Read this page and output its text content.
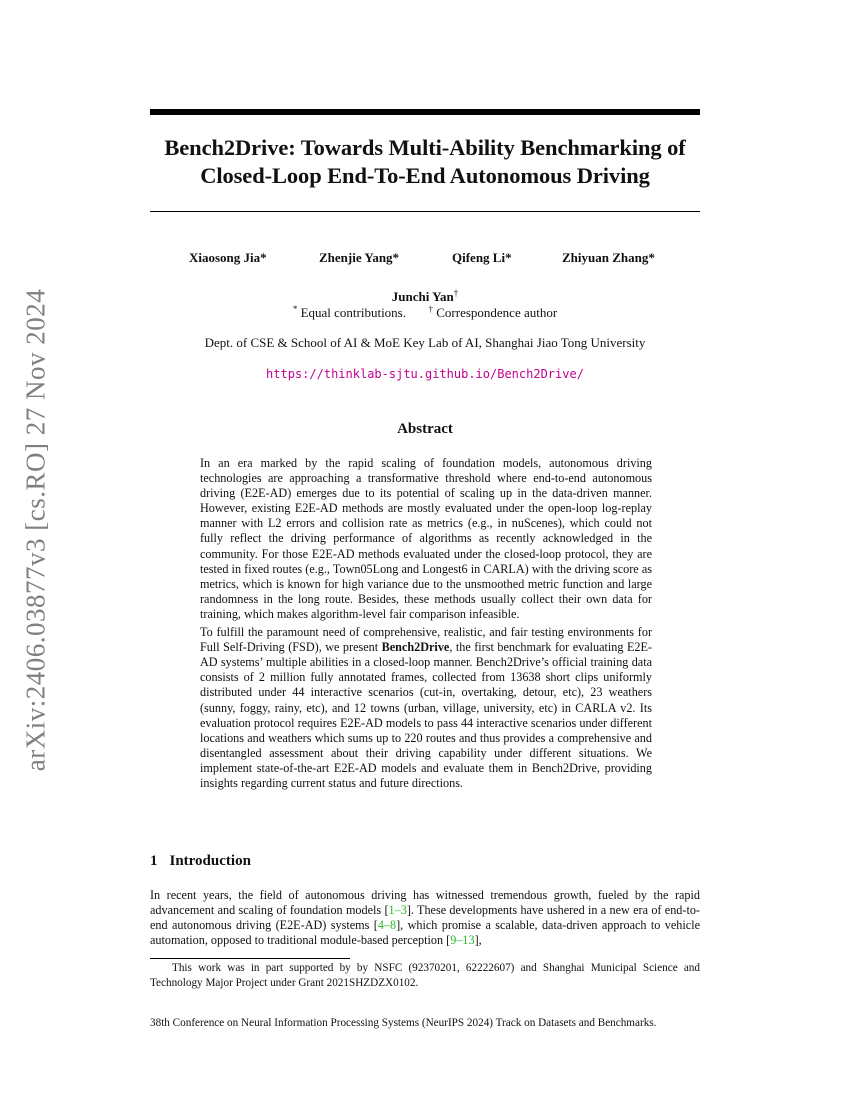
arXiv:2406.03877v3 [cs.RO] 27 Nov 2024
Bench2Drive: Towards Multi-Ability Benchmarking of
Closed-Loop End-To-End Autonomous Driving
Xiaosong Jia*	Zhenjie Yang*	Qifeng Li*	Zhiyuan Zhang*
Junchi Yan†
* Equal contributions.	† Correspondence author
Dept. of CSE & School of AI & MoE Key Lab of AI, Shanghai Jiao Tong University
https://thinklab-sjtu.github.io/Bench2Drive/
Abstract

In an era marked by the rapid scaling of foundation models, autonomous driving technologies are approaching a transformative threshold where end-to-end autonomous driving (E2E-AD) emerges due to its potential of scaling up in the data-driven manner. However, existing E2E-AD methods are mostly evaluated under the open-loop log-replay manner with L2 errors and collision rate as metrics (e.g., in nuScenes), which could not fully reflect the driving performance of algorithms as recently acknowledged in the community. For those E2E-AD methods evaluated under the closed-loop protocol, they are tested in fixed routes (e.g., Town05Long and Longest6 in CARLA) with the driving score as metrics, which is known for high variance due to the unsmoothed metric function and large randomness in the long route. Besides, these methods usually collect their own data for training, which makes algorithm-level fair comparison infeasible.

To fulfill the paramount need of comprehensive, realistic, and fair testing environments for Full Self-Driving (FSD), we present Bench2Drive, the first benchmark for evaluating E2E-AD systems’ multiple abilities in a closed-loop manner. Bench2Drive’s official training data consists of 2 million fully annotated frames, collected from 13638 short clips uniformly distributed under 44 interactive scenarios (cut-in, overtaking, detour, etc), 23 weathers (sunny, foggy, rainy, etc), and 12 towns (urban, village, university, etc) in CARLA v2. Its evaluation protocol requires E2E-AD models to pass 44 interactive scenarios under different locations and weathers which sums up to 220 routes and thus provides a comprehensive and disentangled assessment about their driving capability under different situations. We implement state-of-the-art E2E-AD models and evaluate them in Bench2Drive, providing insights regarding current status and future directions.

1 Introduction

In recent years, the field of autonomous driving has witnessed tremendous growth, fueled by the rapid advancement and scaling of foundation models [1–3]. These developments have ushered in a new era of end-to-end autonomous driving (E2E-AD) systems [4–8], which promise a scalable, data-driven approach to vehicle automation, opposed to traditional module-based perception [9–13],

This work was in part supported by by NSFC (92370201, 62222607) and Shanghai Municipal Science and Technology Major Project under Grant 2021SHZDZX0102.
38th Conference on Neural Information Processing Systems (NeurIPS 2024) Track on Datasets and Benchmarks.
